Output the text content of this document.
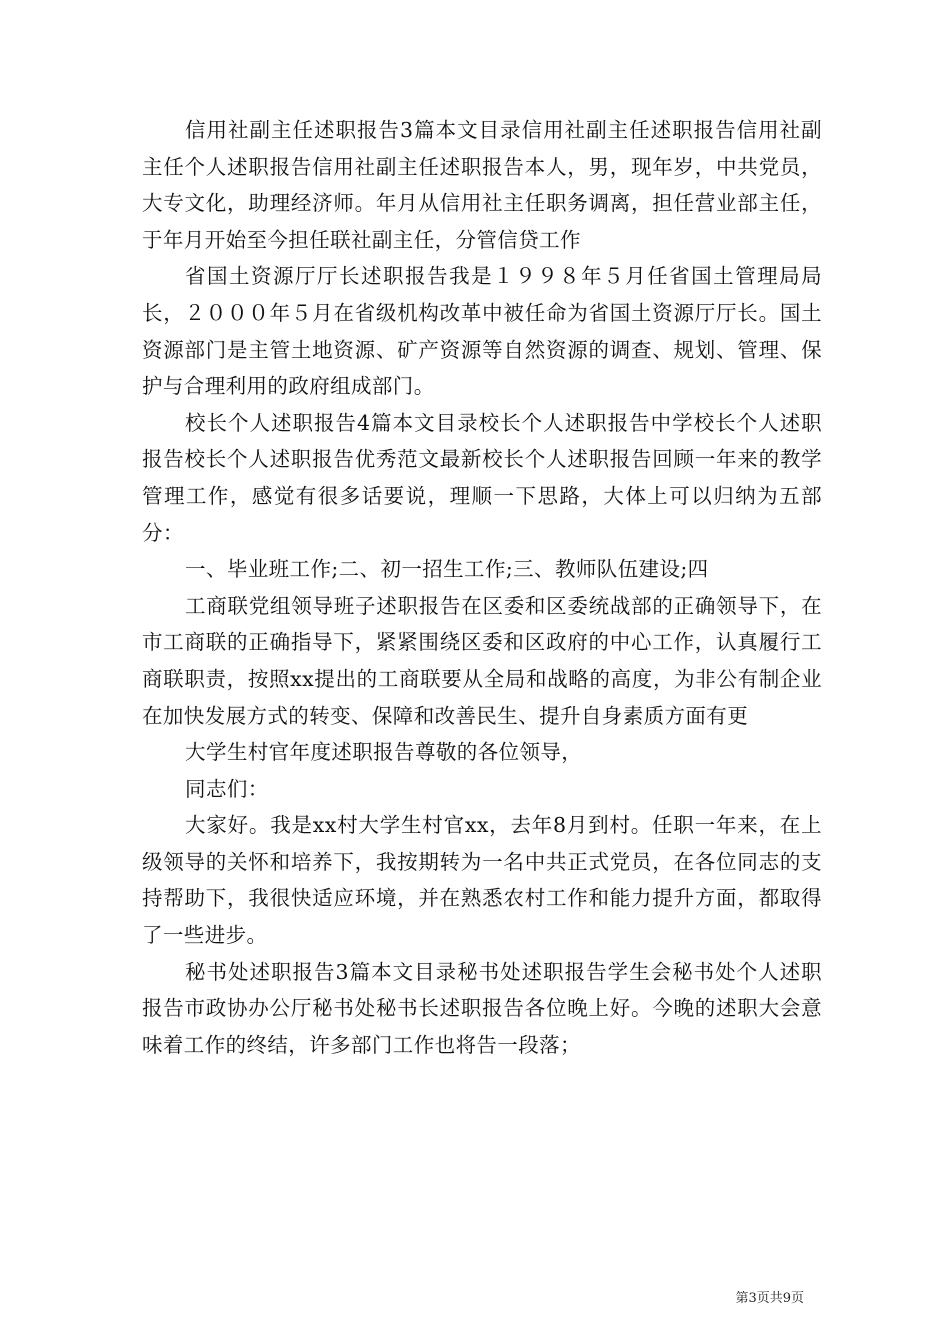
信用社副主任述职报告3篇本文目录信用社副主任述职报告信用社副主任个人述职报告信用社副主任述职报告本人，男，现年岁，中共党员，大专文化，助理经济师。年月从信用社主任职务调离，担任营业部主任，于年月开始至今担任联社副主任，分管信贷工作

省国土资源厅厅长述职报告我是１９９８年５月任省国土管理局局长，２０００年５月在省级机构改革中被任命为省国土资源厅厅长。国土资源部门是主管土地资源、矿产资源等自然资源的调查、规划、管理、保护与合理利用的政府组成部门。

校长个人述职报告4篇本文目录校长个人述职报告中学校长个人述职报告校长个人述职报告优秀范文最新校长个人述职报告回顾一年来的教学管理工作，感觉有很多话要说，理顺一下思路，大体上可以归纳为五部分：

一、毕业班工作;二、初一招生工作;三、教师队伍建设;四

工商联党组领导班子述职报告在区委和区委统战部的正确领导下，在市工商联的正确指导下，紧紧围绕区委和区政府的中心工作，认真履行工商联职责，按照xx提出的工商联要从全局和战略的高度，为非公有制企业在加快发展方式的转变、保障和改善民生、提升自身素质方面有更

大学生村官年度述职报告尊敬的各位领导，

同志们：

大家好。我是xx村大学生村官xx，去年8月到村。任职一年来，在上级领导的关怀和培养下，我按期转为一名中共正式党员，在各位同志的支持帮助下，我很快适应环境，并在熟悉农村工作和能力提升方面，都取得了一些进步。

秘书处述职报告3篇本文目录秘书处述职报告学生会秘书处个人述职报告市政协办公厅秘书处秘书长述职报告各位晚上好。今晚的述职大会意味着工作的终结，许多部门工作也将告一段落；

第3页共9页
